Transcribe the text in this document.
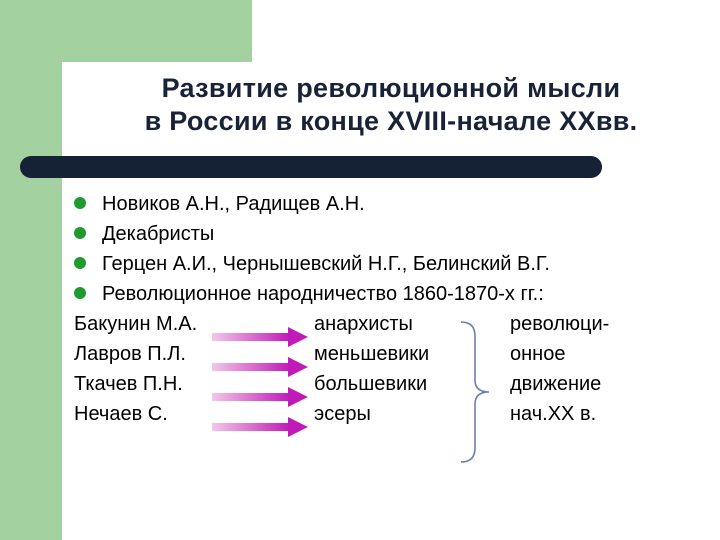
Развитие революционной мысли
в России в конце XVIII-начале XXвв.
Новиков А.Н., Радищев А.Н.
Декабристы
Герцен А.И., Чернышевский Н.Г., Белинский В.Г.
Революционное народничество 1860-1870-х гг.:
Бакунин М.А.
Лавров П.Л.
Ткачев П.Н.
Нечаев С.
анархисты
меньшевики
большевики
эсеры
революци-
онное
движение
нач.XX в.
